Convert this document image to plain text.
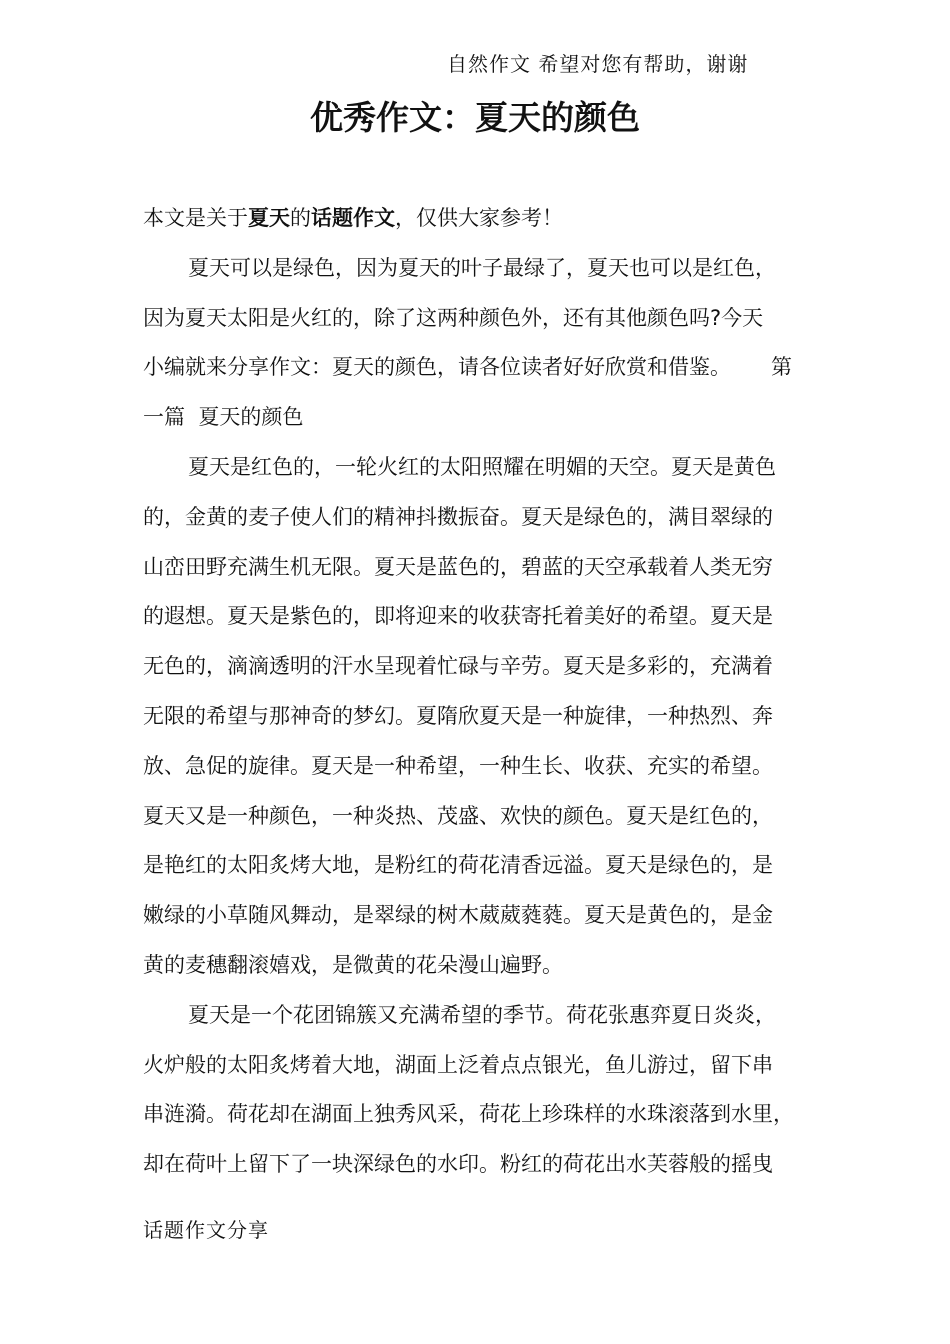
自然作文 希望对您有帮助，谢谢
优秀作文：夏天的颜色

本文是关于夏天的话题作文，仅供大家参考！

夏天可以是绿色，因为夏天的叶子最绿了，夏天也可以是红色，
因为夏天太阳是火红的，除了这两种颜色外，还有其他颜色吗?今天
小编就来分享作文：夏天的颜色，请各位读者好好欣赏和借鉴。      第
一篇  夏天的颜色

夏天是红色的，一轮火红的太阳照耀在明媚的天空。夏天是黄色
的，金黄的麦子使人们的精神抖擞振奋。夏天是绿色的，满目翠绿的
山峦田野充满生机无限。夏天是蓝色的，碧蓝的天空承载着人类无穷
的遐想。夏天是紫色的，即将迎来的收获寄托着美好的希望。夏天是
无色的，滴滴透明的汗水呈现着忙碌与辛劳。夏天是多彩的，充满着
无限的希望与那神奇的梦幻。夏隋欣夏天是一种旋律，一种热烈、奔
放、急促的旋律。夏天是一种希望，一种生长、收获、充实的希望。
夏天又是一种颜色，一种炎热、茂盛、欢快的颜色。夏天是红色的，
是艳红的太阳炙烤大地，是粉红的荷花清香远溢。夏天是绿色的，是
嫩绿的小草随风舞动，是翠绿的树木葳葳蕤蕤。夏天是黄色的，是金
黄的麦穗翻滚嬉戏，是微黄的花朵漫山遍野。

夏天是一个花团锦簇又充满希望的季节。荷花张惠弈夏日炎炎，
火炉般的太阳炙烤着大地，湖面上泛着点点银光，鱼儿游过，留下串
串涟漪。荷花却在湖面上独秀风采，荷花上珍珠样的水珠滚落到水里，
却在荷叶上留下了一块深绿色的水印。粉红的荷花出水芙蓉般的摇曳

话题作文分享
